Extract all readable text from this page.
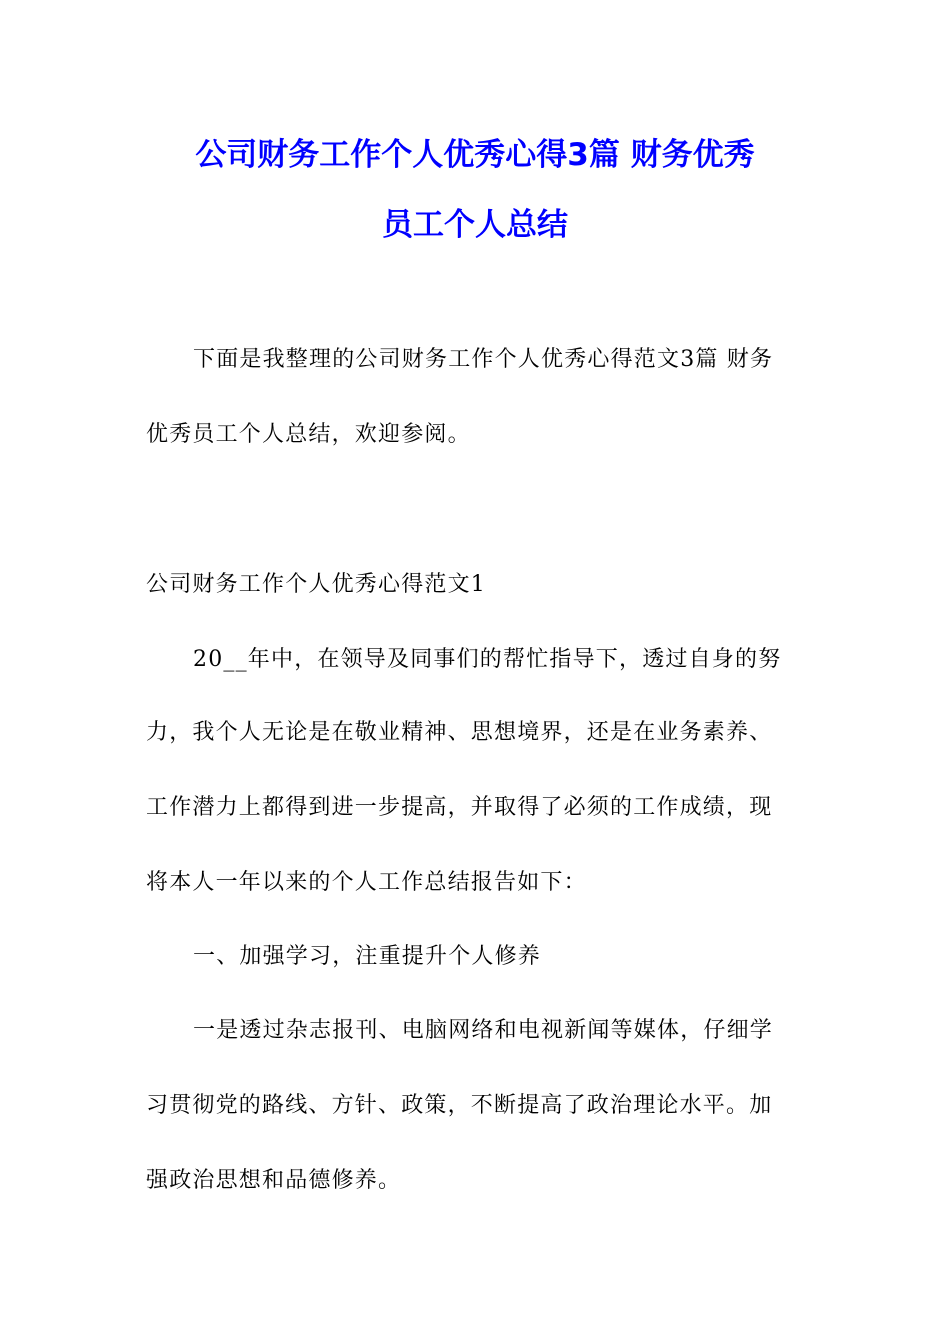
公司财务工作个人优秀心得3篇 财务优秀
员工个人总结
下面是我整理的公司财务工作个人优秀心得范文3篇 财务
优秀员工个人总结，欢迎参阅。
公司财务工作个人优秀心得范文1
20__年中，在领导及同事们的帮忙指导下，透过自身的努
力，我个人无论是在敬业精神、思想境界，还是在业务素养、
工作潜力上都得到进一步提高，并取得了必须的工作成绩，现
将本人一年以来的个人工作总结报告如下：
一、加强学习，注重提升个人修养
一是透过杂志报刊、电脑网络和电视新闻等媒体，仔细学
习贯彻党的路线、方针、政策，不断提高了政治理论水平。加
强政治思想和品德修养。
